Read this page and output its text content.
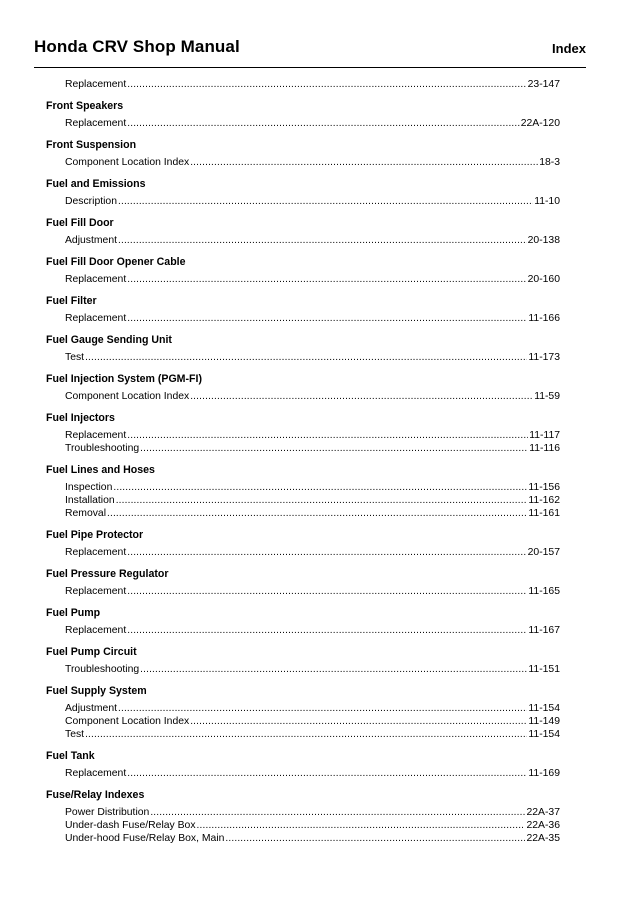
Honda CRV Shop Manual	Index
Replacement .....	23-147
Front Speakers
Replacement .....	22A-120
Front Suspension
Component Location Index .....	18-3
Fuel and Emissions
Description .....	11-10
Fuel Fill Door
Adjustment .....	20-138
Fuel Fill Door Opener Cable
Replacement .....	20-160
Fuel Filter
Replacement .....	11-166
Fuel Gauge Sending Unit
Test .....	11-173
Fuel Injection System (PGM-FI)
Component Location Index .....	11-59
Fuel Injectors
Replacement .....	11-117
Troubleshooting .....	11-116
Fuel Lines and Hoses
Inspection .....	11-156
Installation .....	11-162
Removal .....	11-161
Fuel Pipe Protector
Replacement .....	20-157
Fuel Pressure Regulator
Replacement .....	11-165
Fuel Pump
Replacement .....	11-167
Fuel Pump Circuit
Troubleshooting .....	11-151
Fuel Supply System
Adjustment .....	11-154
Component Location Index .....	11-149
Test .....	11-154
Fuel Tank
Replacement .....	11-169
Fuse/Relay Indexes
Power Distribution .....	22A-37
Under-dash Fuse/Relay Box .....	22A-36
Under-hood Fuse/Relay Box, Main .....	22A-35
